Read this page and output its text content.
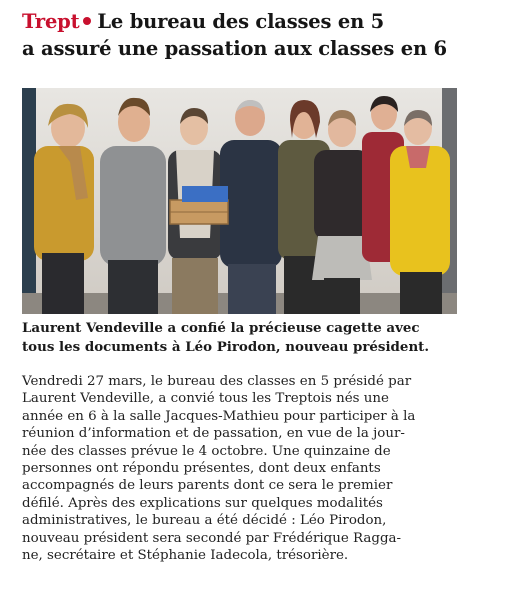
Trept Le bureau des classes en 5
a assuré une passation aux classes en 6

Laurent Vendeville a confié la précieuse cagette avec
tous les documents à Léo Pirodon, nouveau président.

Vendredi 27 mars, le bureau des classes en 5 présidé par
Laurent Vendeville, a convié tous les Treptois nés une
année en 6 à la salle Jacques-Mathieu pour participer à la
réunion d’information et de passation, en vue de la jour-
née des classes prévue le 4 octobre. Une quinzaine de
personnes ont répondu présentes, dont deux enfants
accompagnés de leurs parents dont ce sera le premier
défilé. Après des explications sur quelques modalités
administratives, le bureau a été décidé : Léo Pirodon,
nouveau président sera secondé par Frédérique Ragga-
ne, secrétaire et Stéphanie Iadecola, trésorière.
